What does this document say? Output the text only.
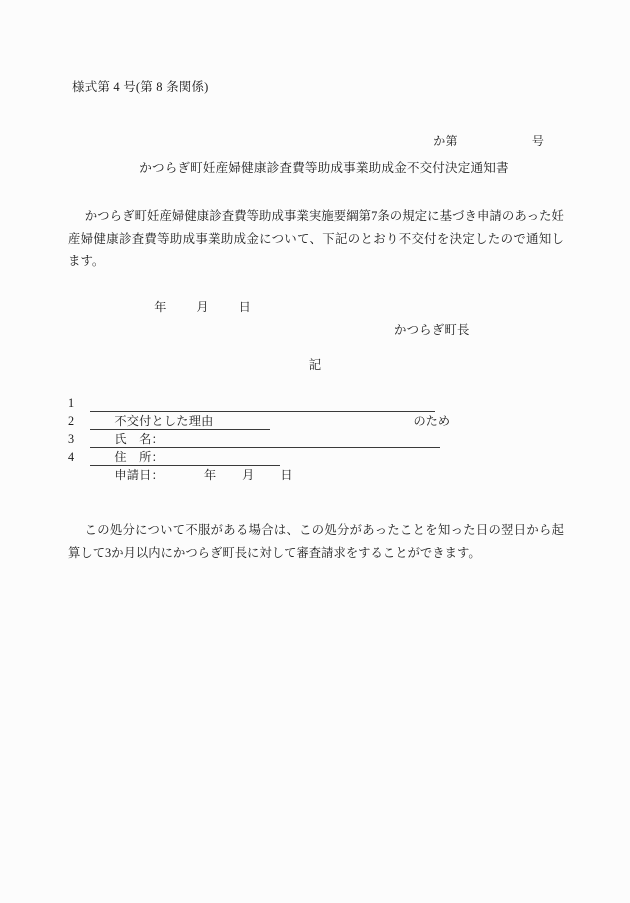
様式第 4 号(第 8 条関係)

か第	号

かつらぎ町妊産婦健康診査費等助成事業助成金不交付決定通知書
かつらぎ町妊産婦健康診査費等助成事業実施要綱第7条の規定に基づき申請のあった妊産婦健康診査費等助成事業助成金について、下記のとおり不交付を決定したので通知します。

年 月 日

かつらぎ町長
記

1

不交付とした理由	のため

2

氏　名：

3

住　所：

4

申請日：	年 月 日

この処分について不服がある場合は、この処分があったことを知った日の翌日から起算して3か月以内にかつらぎ町長に対して審査請求をすることができます。
